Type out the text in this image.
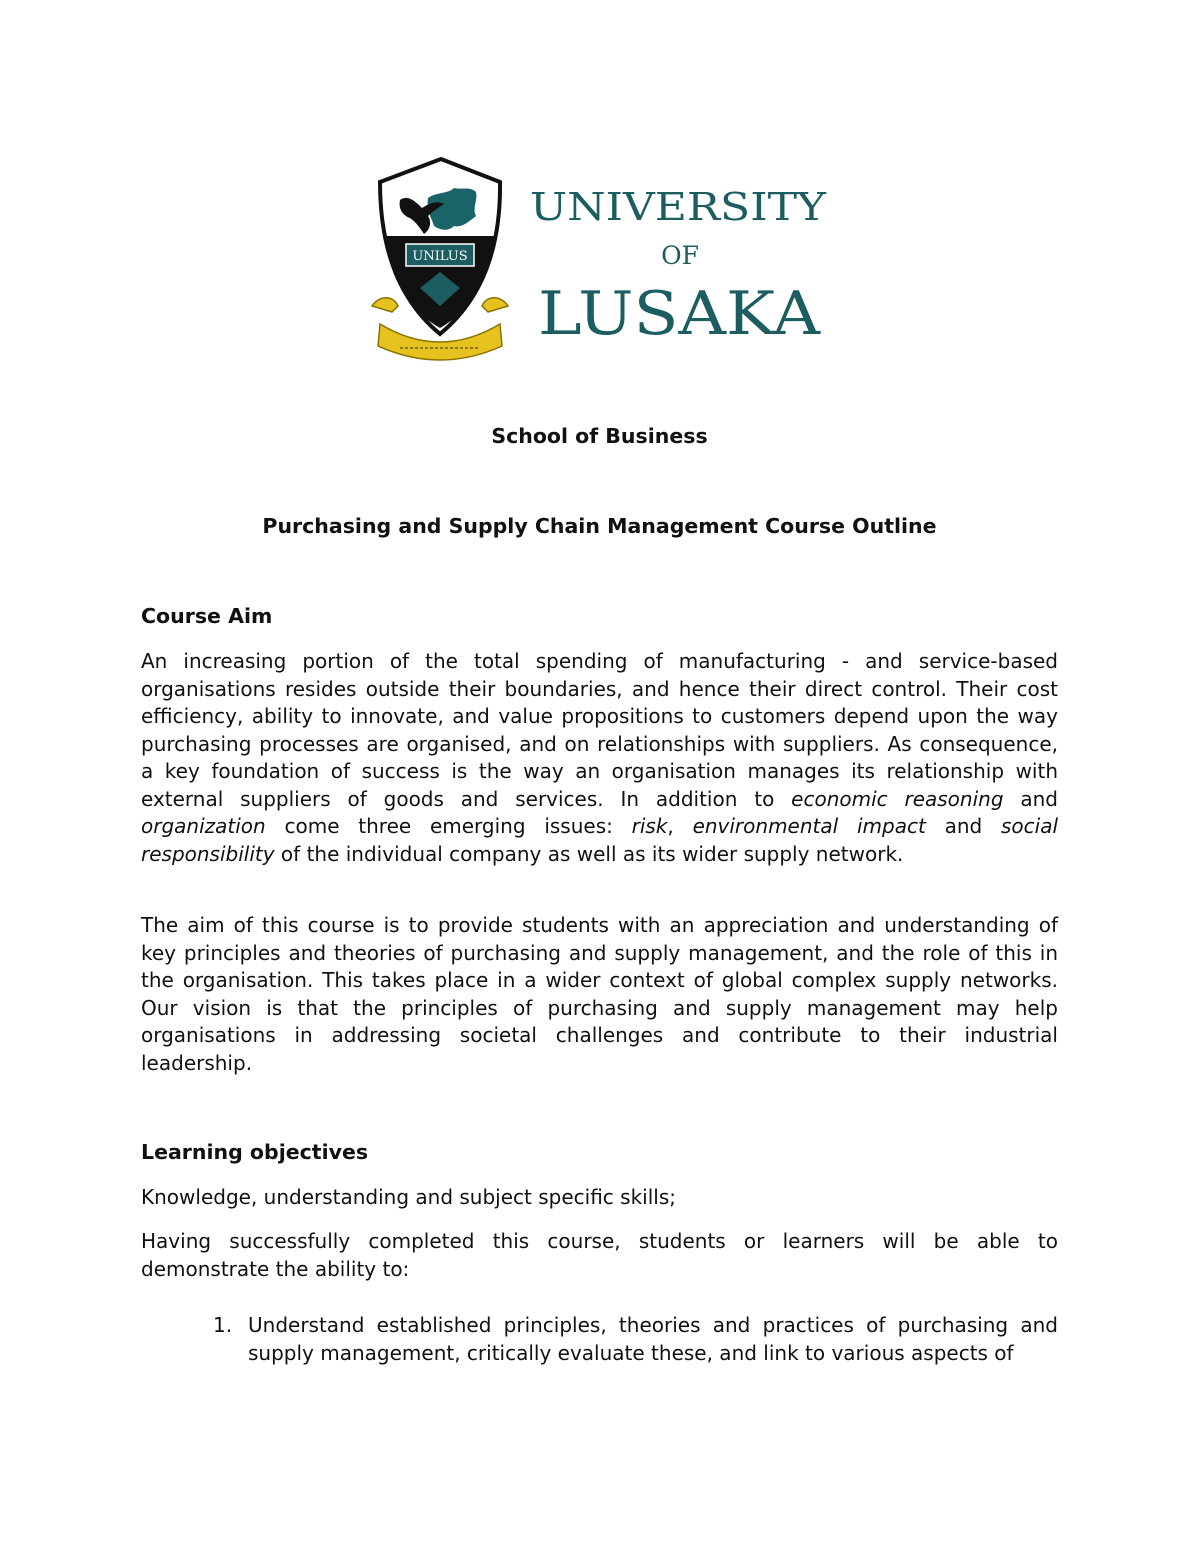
UNILUS
UNIVERSITY
OF
LUSAKA

School of Business

Purchasing and Supply Chain Management Course Outline

Course Aim

An increasing portion of the total spending of manufacturing - and service-based organisations resides outside their boundaries, and hence their direct control. Their cost efficiency, ability to innovate, and value propositions to customers depend upon the way purchasing processes are organised, and on relationships with suppliers. As consequence, a key foundation of success is the way an organisation manages its relationship with external suppliers of goods and services. In addition to economic reasoning and organization come three emerging issues: risk, environmental impact and social responsibility of the individual company as well as its wider supply network.

The aim of this course is to provide students with an appreciation and understanding of key principles and theories of purchasing and supply management, and the role of this in the organisation. This takes place in a wider context of global complex supply networks. Our vision is that the principles of purchasing and supply management may help organisations in addressing societal challenges and contribute to their industrial leadership.

Learning objectives

Knowledge, understanding and subject specific skills;

Having successfully completed this course, students or learners will be able to demonstrate the ability to:

1. Understand established principles, theories and practices of purchasing and supply management, critically evaluate these, and link to various aspects of
